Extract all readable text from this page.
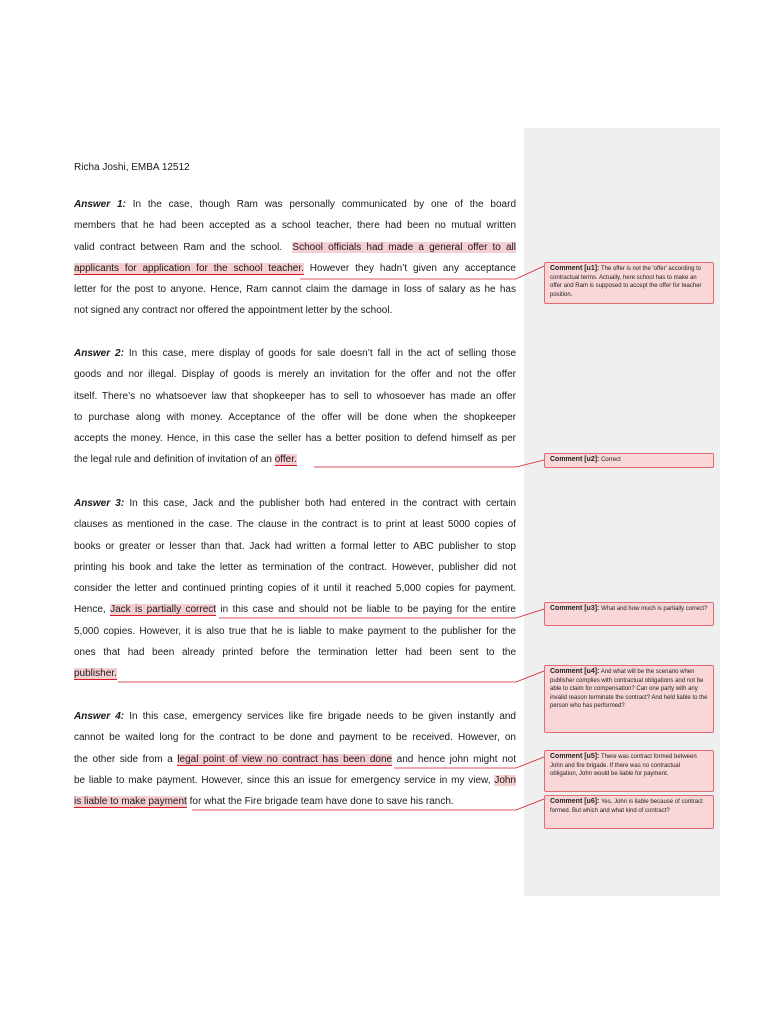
Richa Joshi, EMBA 12512
Answer 1: In the case, though Ram was personally communicated by one of the board
members that he had been accepted as a school teacher, there had been no mutual written
valid contract between Ram and the school. School officials had made a general offer to all
applicants for application for the school teacher. However they hadn’t given any acceptance
letter for the post to anyone. Hence, Ram cannot claim the damage in loss of salary as he has
not signed any contract nor offered the appointment letter by the school.
Answer 2: In this case, mere display of goods for sale doesn’t fall in the act of selling those
goods and nor illegal. Display of goods is merely an invitation for the offer and not the offer
itself. There’s no whatsoever law that shopkeeper has to sell to whosoever has made an offer
to purchase along with money. Acceptance of the offer will be done when the shopkeeper
accepts the money. Hence, in this case the seller has a better position to defend himself as per
the legal rule and definition of invitation of an offer.
Answer 3: In this case, Jack and the publisher both had entered in the contract with certain
clauses as mentioned in the case. The clause in the contract is to print at least 5000 copies of
books or greater or lesser than that. Jack had written a formal letter to ABC publisher to stop
printing his book and take the letter as termination of the contract. However, publisher did not
consider the letter and continued printing copies of it until it reached 5,000 copies for payment.
Hence, Jack is partially correct in this case and should not be liable to be paying for the entire
5,000 copies. However, it is also true that he is liable to make payment to the publisher for the
ones that had been already printed before the termination letter had been sent to the
publisher.
Answer 4: In this case, emergency services like fire brigade needs to be given instantly and
cannot be waited long for the contract to be done and payment to be received. However, on
the other side from a legal point of view no contract has been done and hence john might not
be liable to make payment. However, since this an issue for emergency service in my view, John
is liable to make payment for what the Fire brigade team have done to save his ranch.
Comment [u1]: The offer is not the 'offer' according to contractual terms. Actually, here school has to make an offer and Ram is supposed to accept the offer for teacher position.
Comment [u2]: Correct
Comment [u3]: What and how much is partially correct?
Comment [u4]: And what will be the scenario when publisher complies with contractual obligations and not be able to claim for compensation? Can one party with any invalid reason terminate the contract? And held liable to the person who has performed?
Comment [u5]: There was contract formed between John and fire brigade. If there was no contractual obligation, John would be liable for payment.
Comment [u6]: Yes, John is liable because of contract formed. But which and what kind of contract?
